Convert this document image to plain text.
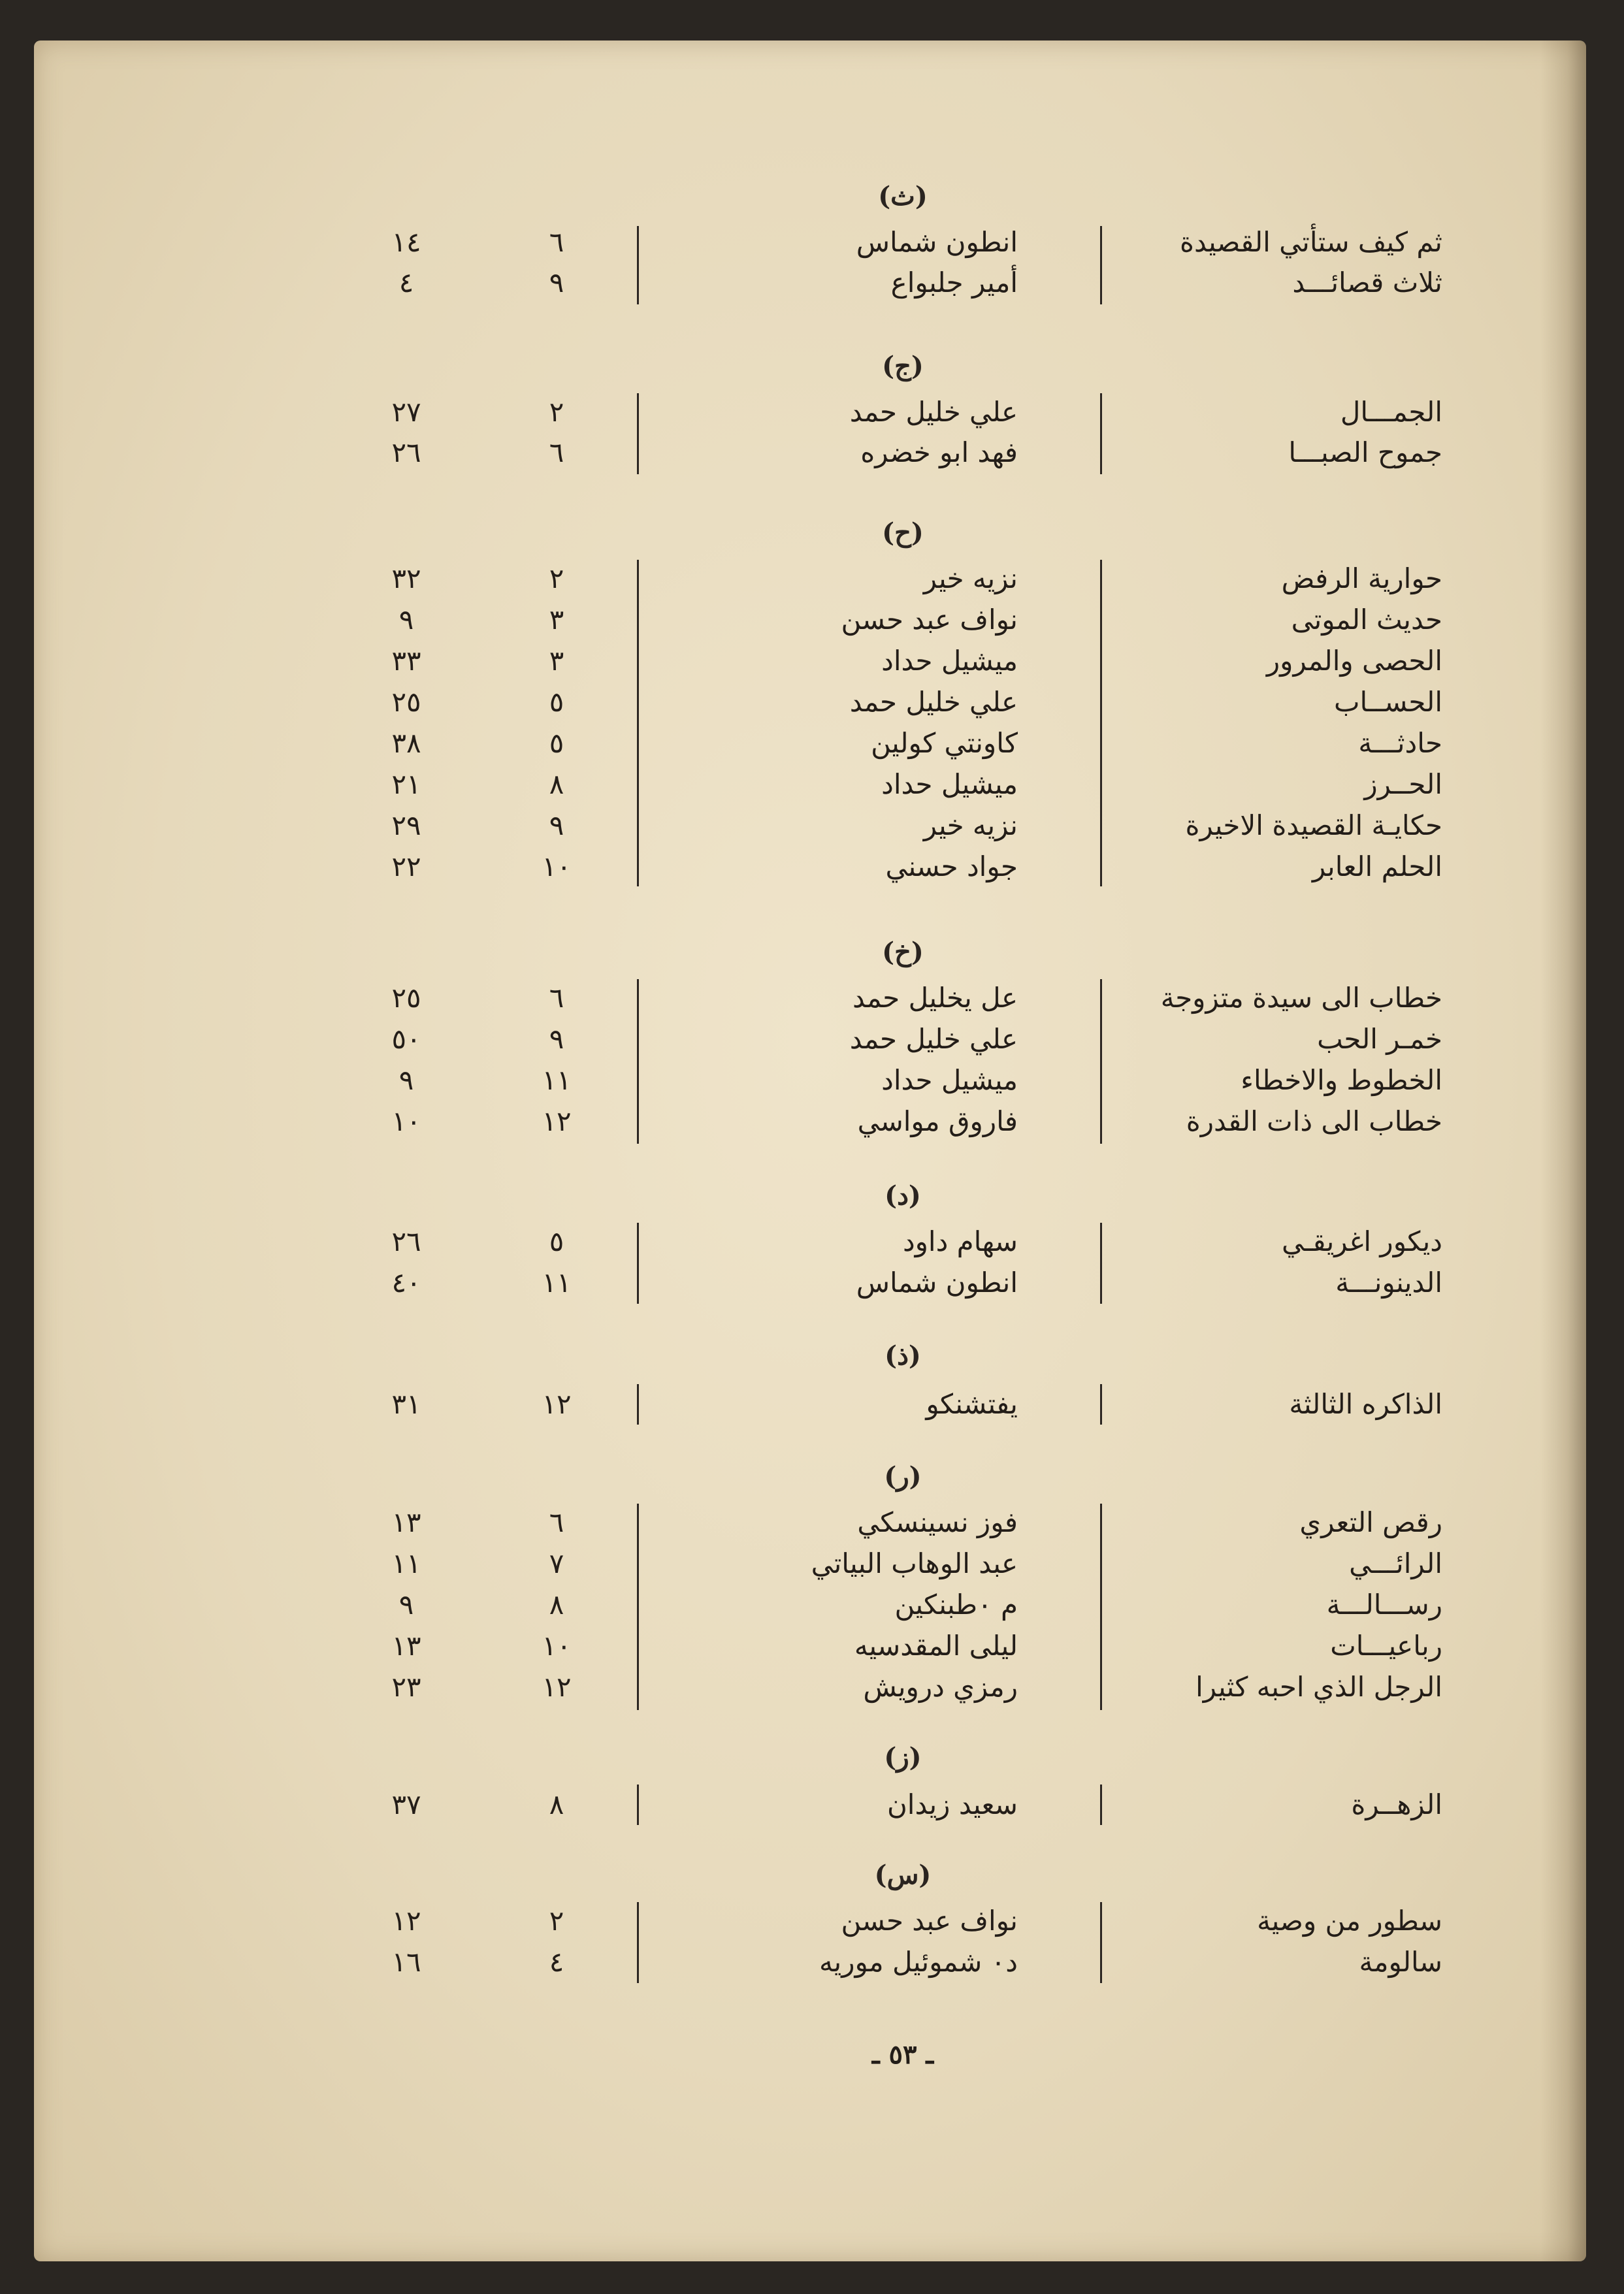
(ث)
ثم كيف ستأتي القصيدة
انطون شماس
٦
١٤
ثلاث قصائـــد
أمير جلبواع
٩
٤
(ج)
الجمـــال
علي خليل حمد
٢
٢٧
جموح الصبـــا
فهد ابو خضره
٦
٢٦
(ح)
حوارية الرفض
نزيه خير
٢
٣٢
حديث الموتى
نواف عبد حسن
٣
٩
الحصى والمرور
ميشيل حداد
٣
٣٣
الحســاب
علي خليل حمد
٥
٢٥
حادثـــة
كاونتي كولين
٥
٣٨
الحــرز
ميشيل حداد
٨
٢١
حكايـة القصيدة الاخيرة
نزيه خير
٩
٢٩
الحلم العابر
جواد حسني
١٠
٢٢
(خ)
خطاب الى سيدة متزوجة
عل يخليل حمد
٦
٢٥
خمـر الحب
علي خليل حمد
٩
٥٠
الخطوط والاخطاء
ميشيل حداد
١١
٩
خطاب الى ذات القدرة
فاروق مواسي
١٢
١٠
(د)
ديكور اغريقـي
سهام داود
٥
٢٦
الدينونـــة
انطون شماس
١١
٤٠
(ذ)
الذاكره الثالثة
يفتشنكو
١٢
٣١
(ر)
رقص التعري
فوز نسينسكي
٦
١٣
الرائـــي
عبد الوهاب البياتي
٧
١١
رســـالـــة
م ٠طبنكين
٨
٩
رباعيـــات
ليلى المقدسيه
١٠
١٣
الرجل الذي احبه كثيرا
رمزي درويش
١٢
٢٣
(ز)
الزهــرة
سعيد زيدان
٨
٣٧
(س)
سطور من وصية
نواف عبد حسن
٢
١٢
سالومة
د٠ شموئيل موريه
٤
١٦
ـ ٥٣ ـ
